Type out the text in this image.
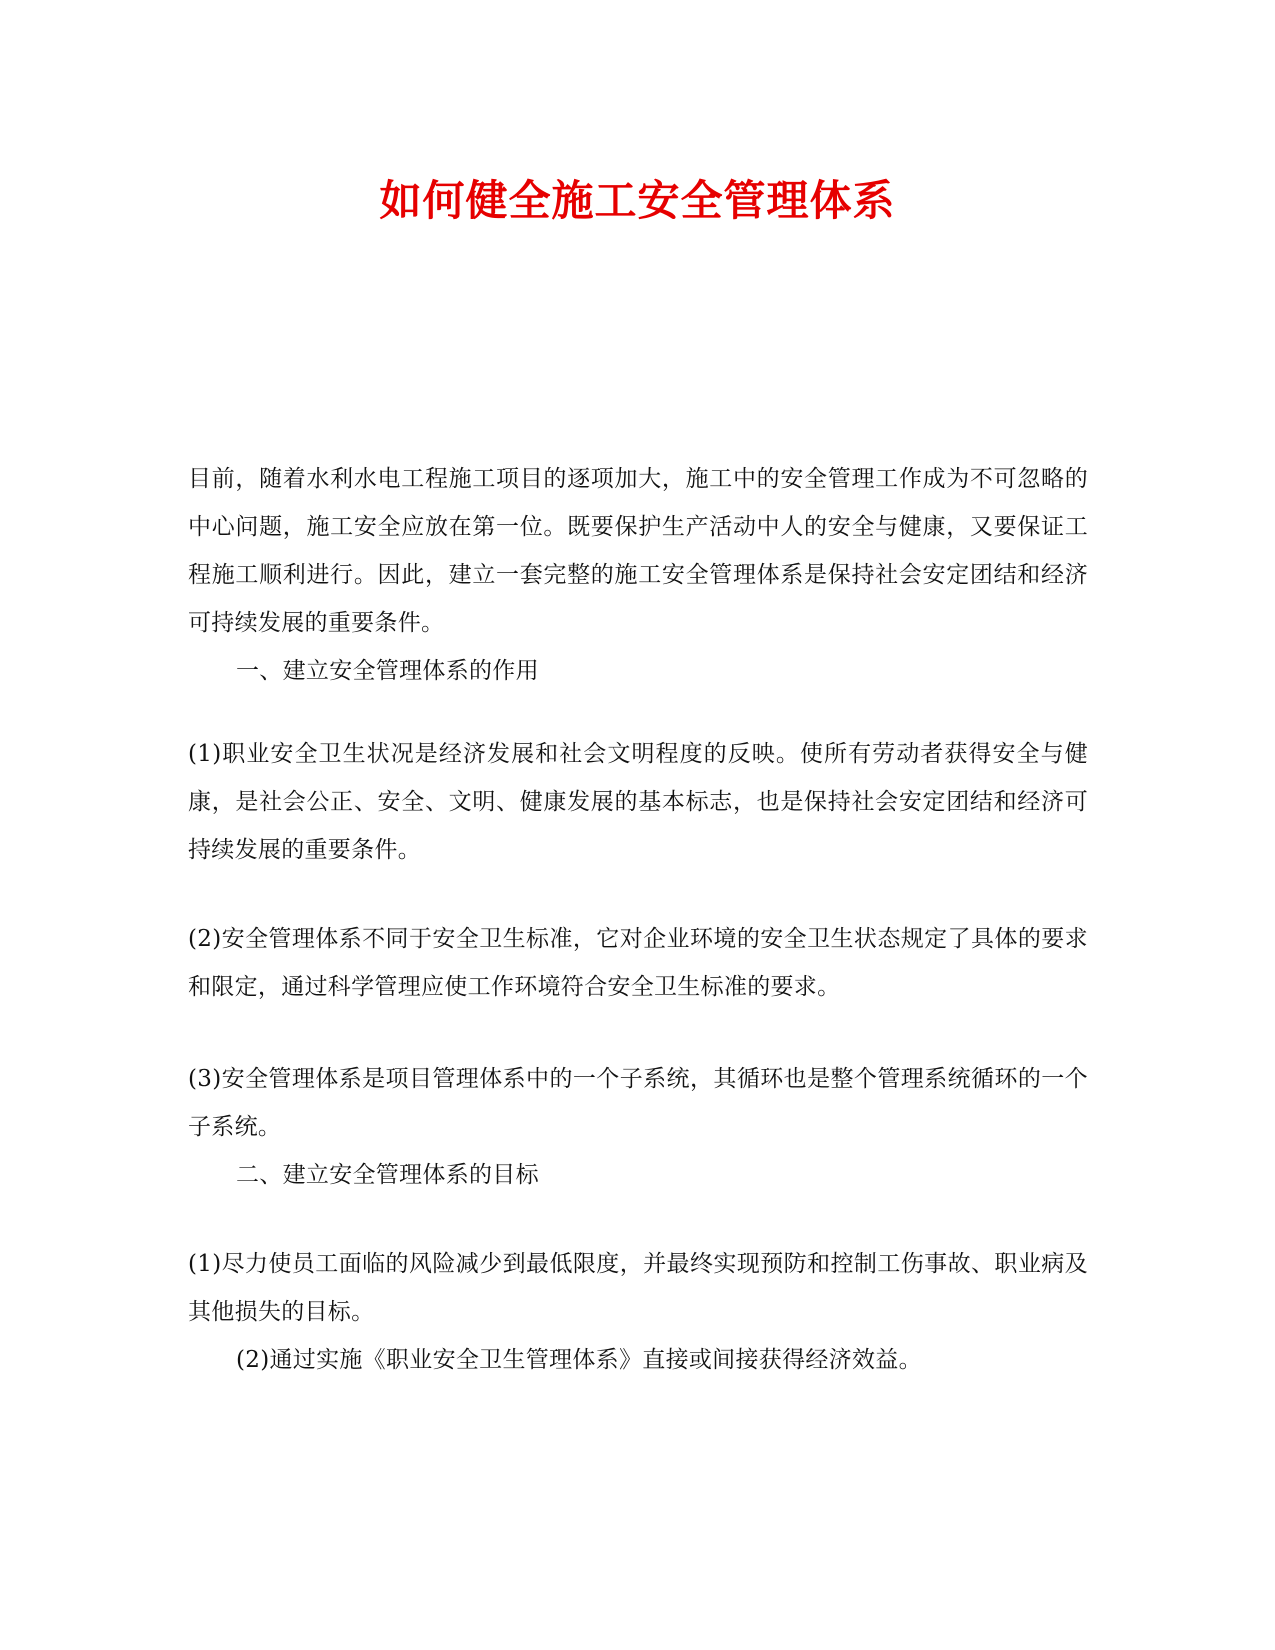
如何健全施工安全管理体系

目前，随着水利水电工程施工项目的逐项加大，施工中的安全管理工作成为不可忽略的中心问题，施工安全应放在第一位。既要保护生产活动中人的安全与健康，又要保证工程施工顺利进行。因此，建立一套完整的施工安全管理体系是保持社会安定团结和经济可持续发展的重要条件。

一、建立安全管理体系的作用

(1)职业安全卫生状况是经济发展和社会文明程度的反映。使所有劳动者获得安全与健康，是社会公正、安全、文明、健康发展的基本标志，也是保持社会安定团结和经济可持续发展的重要条件。

(2)安全管理体系不同于安全卫生标准，它对企业环境的安全卫生状态规定了具体的要求和限定，通过科学管理应使工作环境符合安全卫生标准的要求。

(3)安全管理体系是项目管理体系中的一个子系统，其循环也是整个管理系统循环的一个子系统。

二、建立安全管理体系的目标

(1)尽力使员工面临的风险减少到最低限度，并最终实现预防和控制工伤事故、职业病及其他损失的目标。

(2)通过实施《职业安全卫生管理体系》直接或间接获得经济效益。
